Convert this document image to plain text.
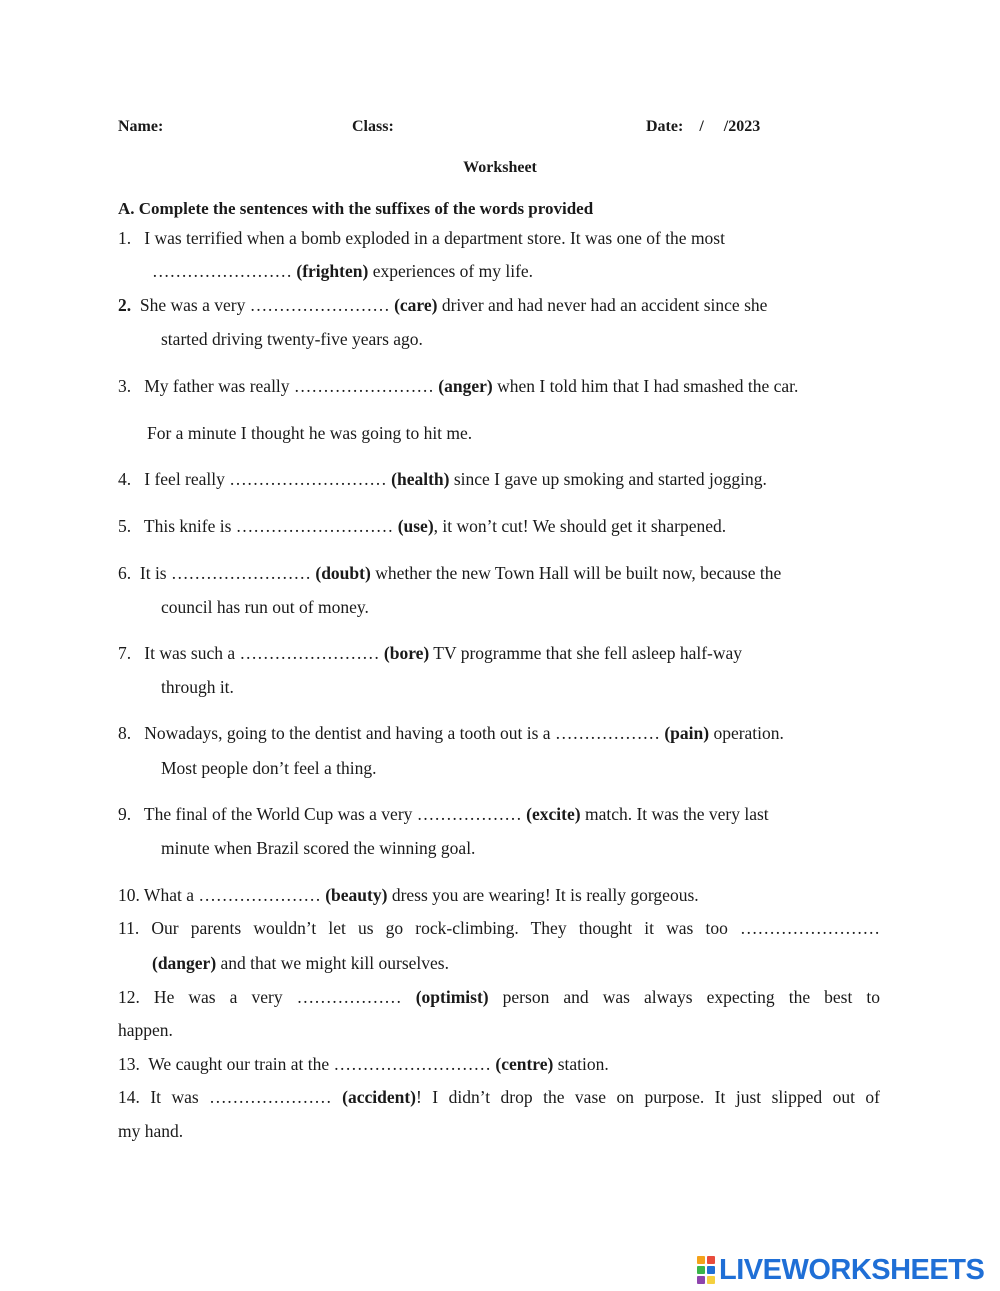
Name:	Class:	Date:    /     /2023
Worksheet
A. Complete the sentences with the suffixes of the words provided
1.   I was terrified when a bomb exploded in a department store. It was one of the most
…………………… (frighten) experiences of my life.
2.  She was a very …………………… (care) driver and had never had an accident since she
started driving twenty-five years ago.
3.   My father was really …………………… (anger) when I told him that I had smashed the car.
For a minute I thought he was going to hit me.
4.   I feel really ……………………… (health) since I gave up smoking and started jogging.
5.   This knife is ……………………… (use), it won’t cut! We should get it sharpened.
6.  It is …………………… (doubt) whether the new Town Hall will be built now, because the
council has run out of money.
7.   It was such a …………………… (bore) TV programme that she fell asleep half-way
through it.
8.   Nowadays, going to the dentist and having a tooth out is a ……………… (pain) operation.
Most people don’t feel a thing.
9.   The final of the World Cup was a very ……………… (excite) match. It was the very last
minute when Brazil scored the winning goal.
10. What a ………………… (beauty) dress you are wearing! It is really gorgeous.
11. Our parents wouldn’t let us go rock-climbing. They thought it was too ……………………
(danger) and that we might kill ourselves.
12. He was a very ……………… (optimist) person and was always expecting the best to
happen.
13.  We caught our train at the ……………………… (centre) station.
14. It was ………………… (accident)! I didn’t drop the vase on purpose. It just slipped out of
my hand.
LIVEWORKSHEETS
